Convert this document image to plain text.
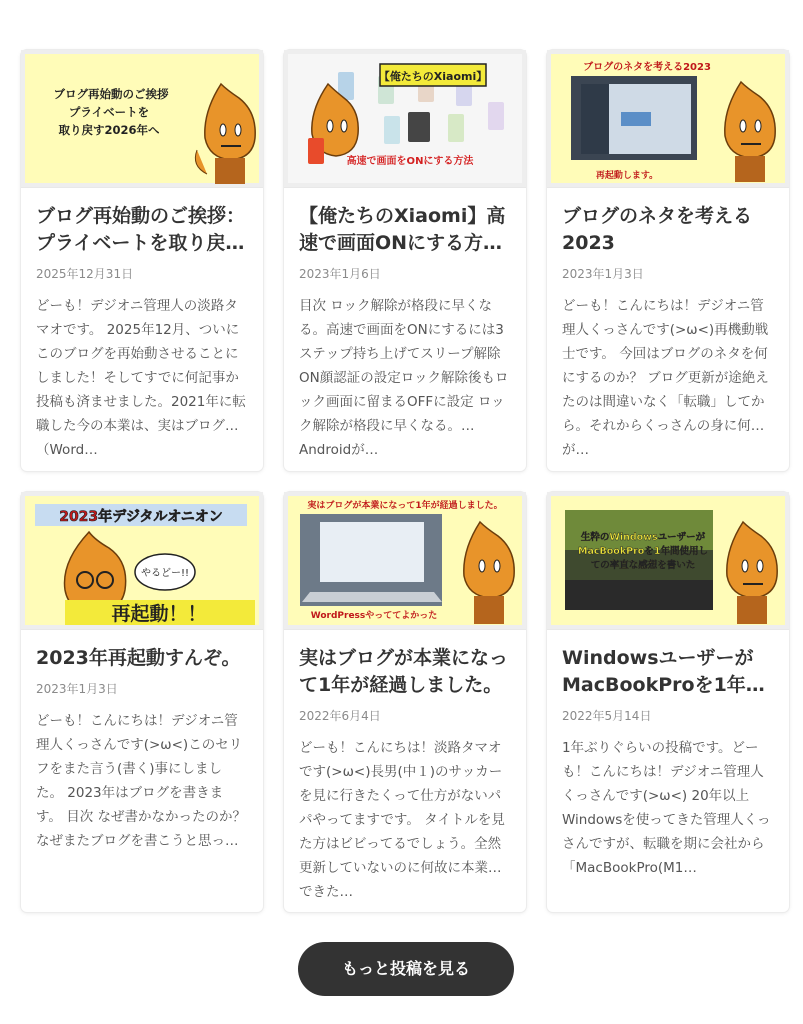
ブログ再始動のご挨拶
プライベートを
取り戻す2026年へ
ブログ再始動のご挨拶：プライベートを取り戻…
2025年12月31日
どーも！デジオニ管理人の淡路タマオです。 2025年12月、ついにこのブログを再始動させることにしました！そしてすでに何記事か投稿も済ませました。2021年に転職した今の本業は、実はブログ（Word…
【俺たちのXiaomi】
高速で画面をONにする方法
【俺たちのXiaomi】高速で画面ONにする方…
2023年1月6日
目次 ロック解除が格段に早くなる。高速で画面をONにするには3ステップ持ち上げてスリープ解除ON顔認証の設定ロック解除後もロック画面に留まるOFFに設定 ロック解除が格段に早くなる。 Androidが…
ブログのネタを考える2023
再起動します。
ブログのネタを考える2023
2023年1月3日
どーも！こんにちは！デジオニ管理人くっさんです(>ω<)再機動戦士です。 今回はブログのネタを何にするのか？ ブログ更新が途絶えたのは間違いなく「転職」してから。それからくっさんの身に何が…
2023年デジタルオニオン
やるどー!!
再起動！！
2023年再起動すんぞ。
2023年1月3日
どーも！こんにちは！デジオニ管理人くっさんです(>ω<)このセリフをまた言う(書く)事にしました。 2023年はブログを書きます。 目次 なぜ書かなかったのか？なぜまたブログを書こうと思っ…
実はブログが本業になって1年が経過しました。
WordPressやっててよかった
実はブログが本業になって1年が経過しました。
2022年6月4日
どーも！こんにちは！淡路タマオです(>ω<)長男(中１)のサッカーを見に行きたくって仕方がないパパやってますです。 タイトルを見た方はビビってるでしょう。全然更新していないのに何故に本業にできた…
生粋のWindowsユーザーが
MacBookProを1年間使用し
ての率直な感想を書いた
WindowsユーザーがMacBookProを1年…
2022年5月14日
1年ぶりぐらいの投稿です。どーも！こんにちは！デジオニ管理人くっさんです(>ω<) 20年以上Windowsを使ってきた管理人くっさんですが、転職を期に会社から「MacBookPro(M1…
もっと投稿を見る
